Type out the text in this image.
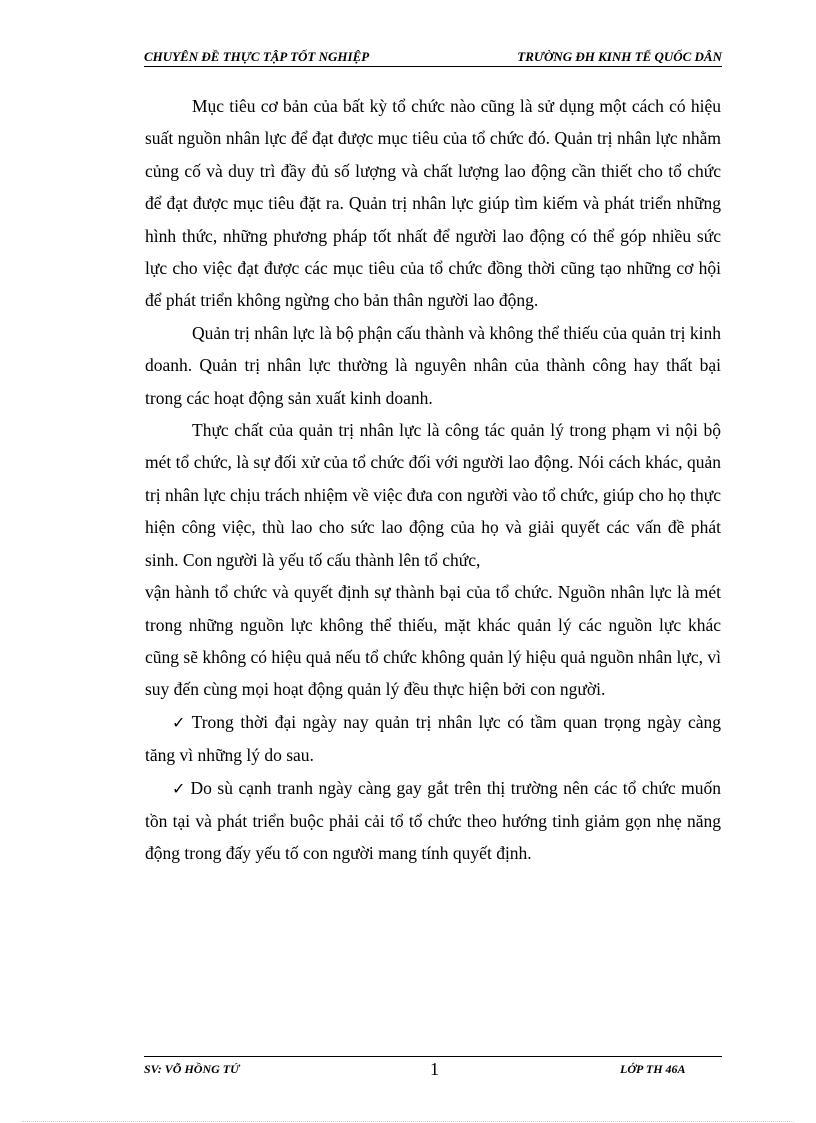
CHUYÊN ĐỀ THỰC TẬP TỐT NGHIỆP	TRƯỜNG ĐH KINH TẾ QUỐC DÂN

Mục tiêu cơ bản của bất kỳ tổ chức nào cũng là sử dụng một cách có hiệu suất nguồn nhân lực để đạt được mục tiêu của tổ chức đó. Quản trị nhân lực nhằm củng cố và duy trì đầy đủ số lượng và chất lượng lao động cần thiết cho tổ chức để đạt được mục tiêu đặt ra. Quản trị nhân lực giúp tìm kiếm và phát triển những hình thức, những phương pháp tốt nhất để người lao động có thể góp nhiều sức lực cho việc đạt được các mục tiêu của tổ chức đồng thời cũng tạo những cơ hội để phát triển không ngừng cho bản thân người lao động.

Quản trị nhân lực là bộ phận cấu thành và không thể thiếu của quản trị kinh doanh. Quản trị nhân lực thường là nguyên nhân của thành công hay thất bại trong các hoạt động sản xuất kinh doanh.

Thực chất của quản trị nhân lực là công tác quản lý trong phạm vi nội bộ mét tổ chức, là sự đối xử của tổ chức đối với người lao động. Nói cách khác, quản trị nhân lực chịu trách nhiệm về việc đưa con người vào tổ chức, giúp cho họ thực hiện công việc, thù lao cho sức lao động của họ và giải quyết các vấn đề phát sinh. Con người là yếu tố cấu thành lên tổ chức,

vận hành tổ chức và quyết định sự thành bại của tổ chức. Nguồn nhân lực là mét trong những nguồn lực không thể thiếu, mặt khác quản lý các nguồn lực khác cũng sẽ không có hiệu quả nếu tổ chức không quản lý hiệu quả nguồn nhân lực, vì suy đến cùng mọi hoạt động quản lý đều thực hiện bởi con người.

✓ Trong thời đại ngày nay quản trị nhân lực có tầm quan trọng ngày càng tăng vì những lý do sau.

✓ Do sù cạnh tranh ngày càng gay gắt trên thị trường nên các tổ chức muốn tồn tại và phát triển buộc phải cải tổ tổ chức theo hướng tinh giảm gọn nhẹ năng động trong đấy yếu tố con người mang tính quyết định.

SV: VÕ HỒNG TỨ	1	LỚP TH 46A
